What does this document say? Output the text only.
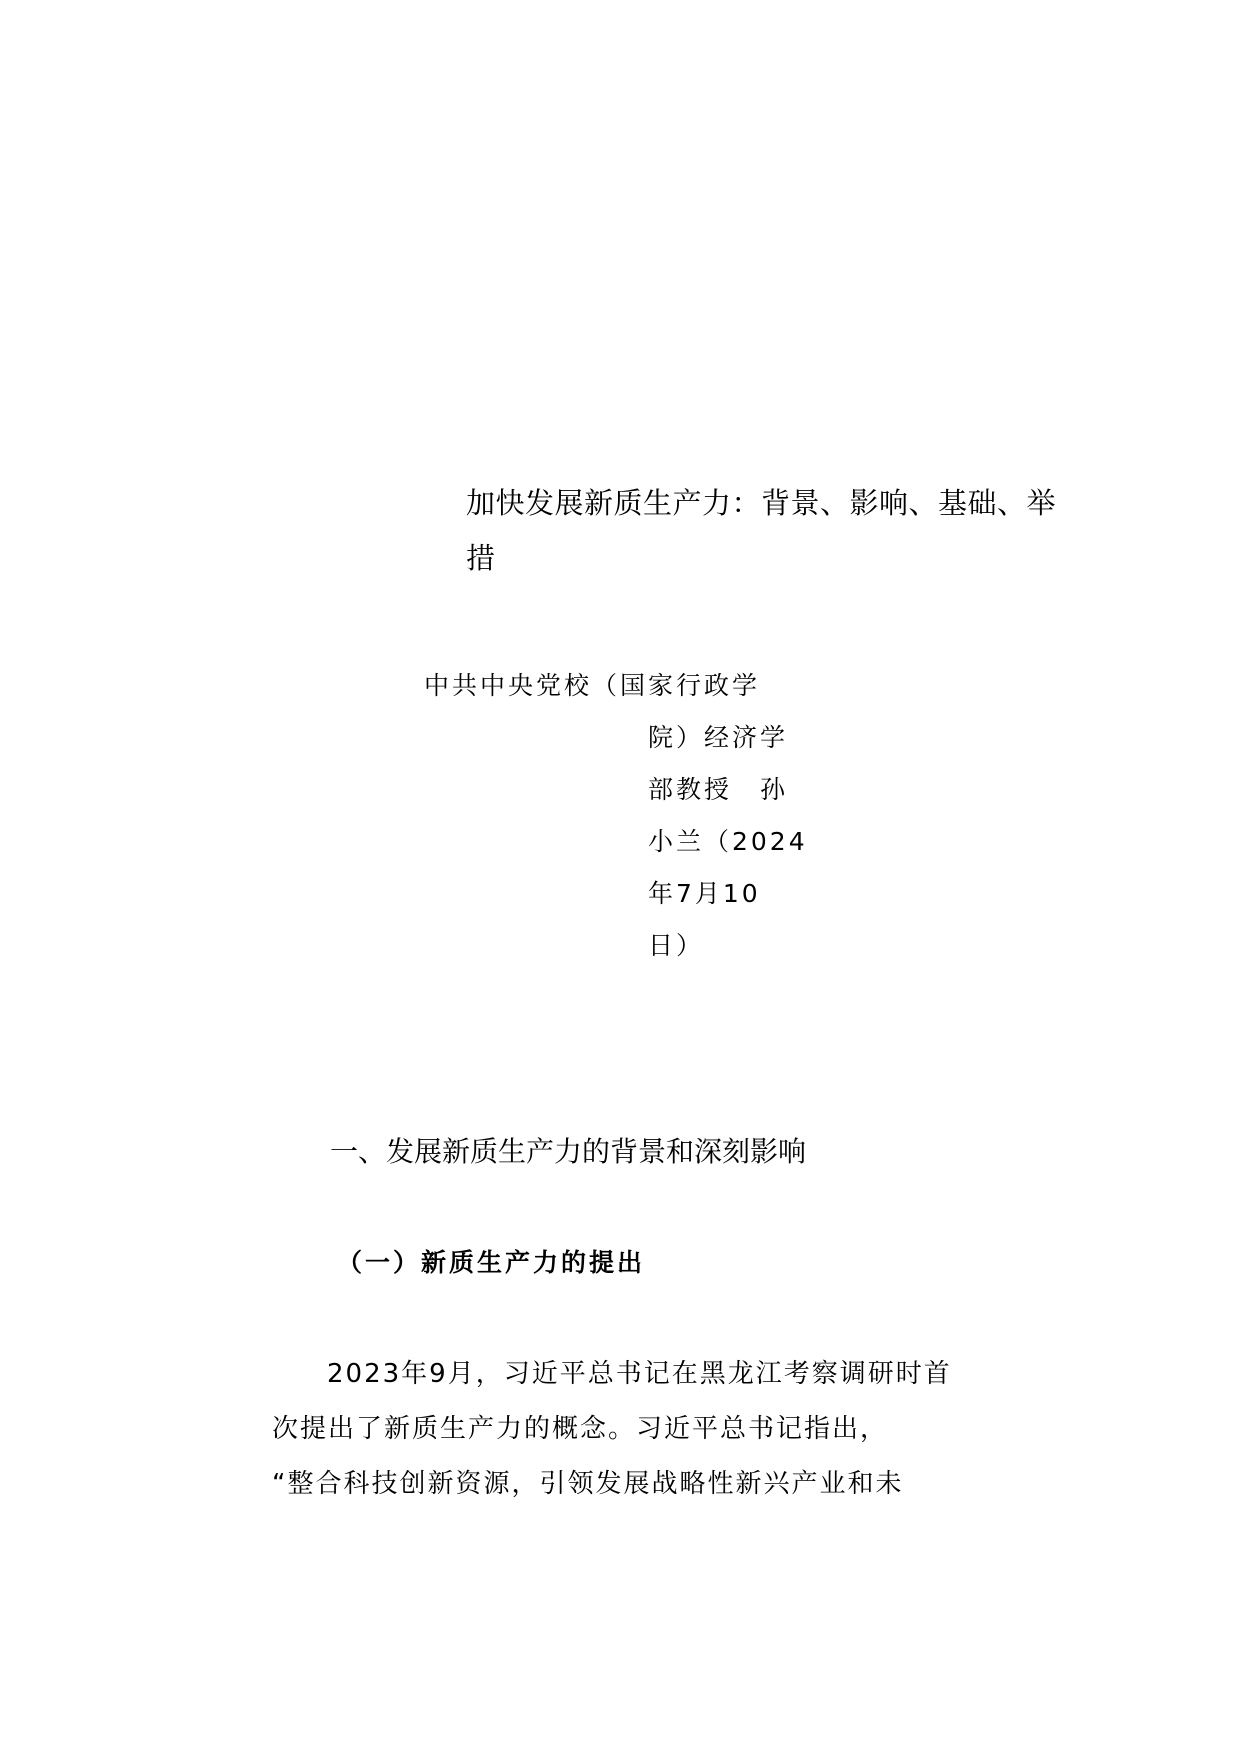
加快发展新质生产力：背景、影响、基础、举
措
中共中央党校（国家行政学
院）经济学
部教授　孙
小兰（2024
年7月10
日）
一、发展新质生产力的背景和深刻影响
（一）新质生产力的提出
2023年9月，习近平总书记在黑龙江考察调研时首
次提出了新质生产力的概念。习近平总书记指出，
“整合科技创新资源，引领发展战略性新兴产业和未
